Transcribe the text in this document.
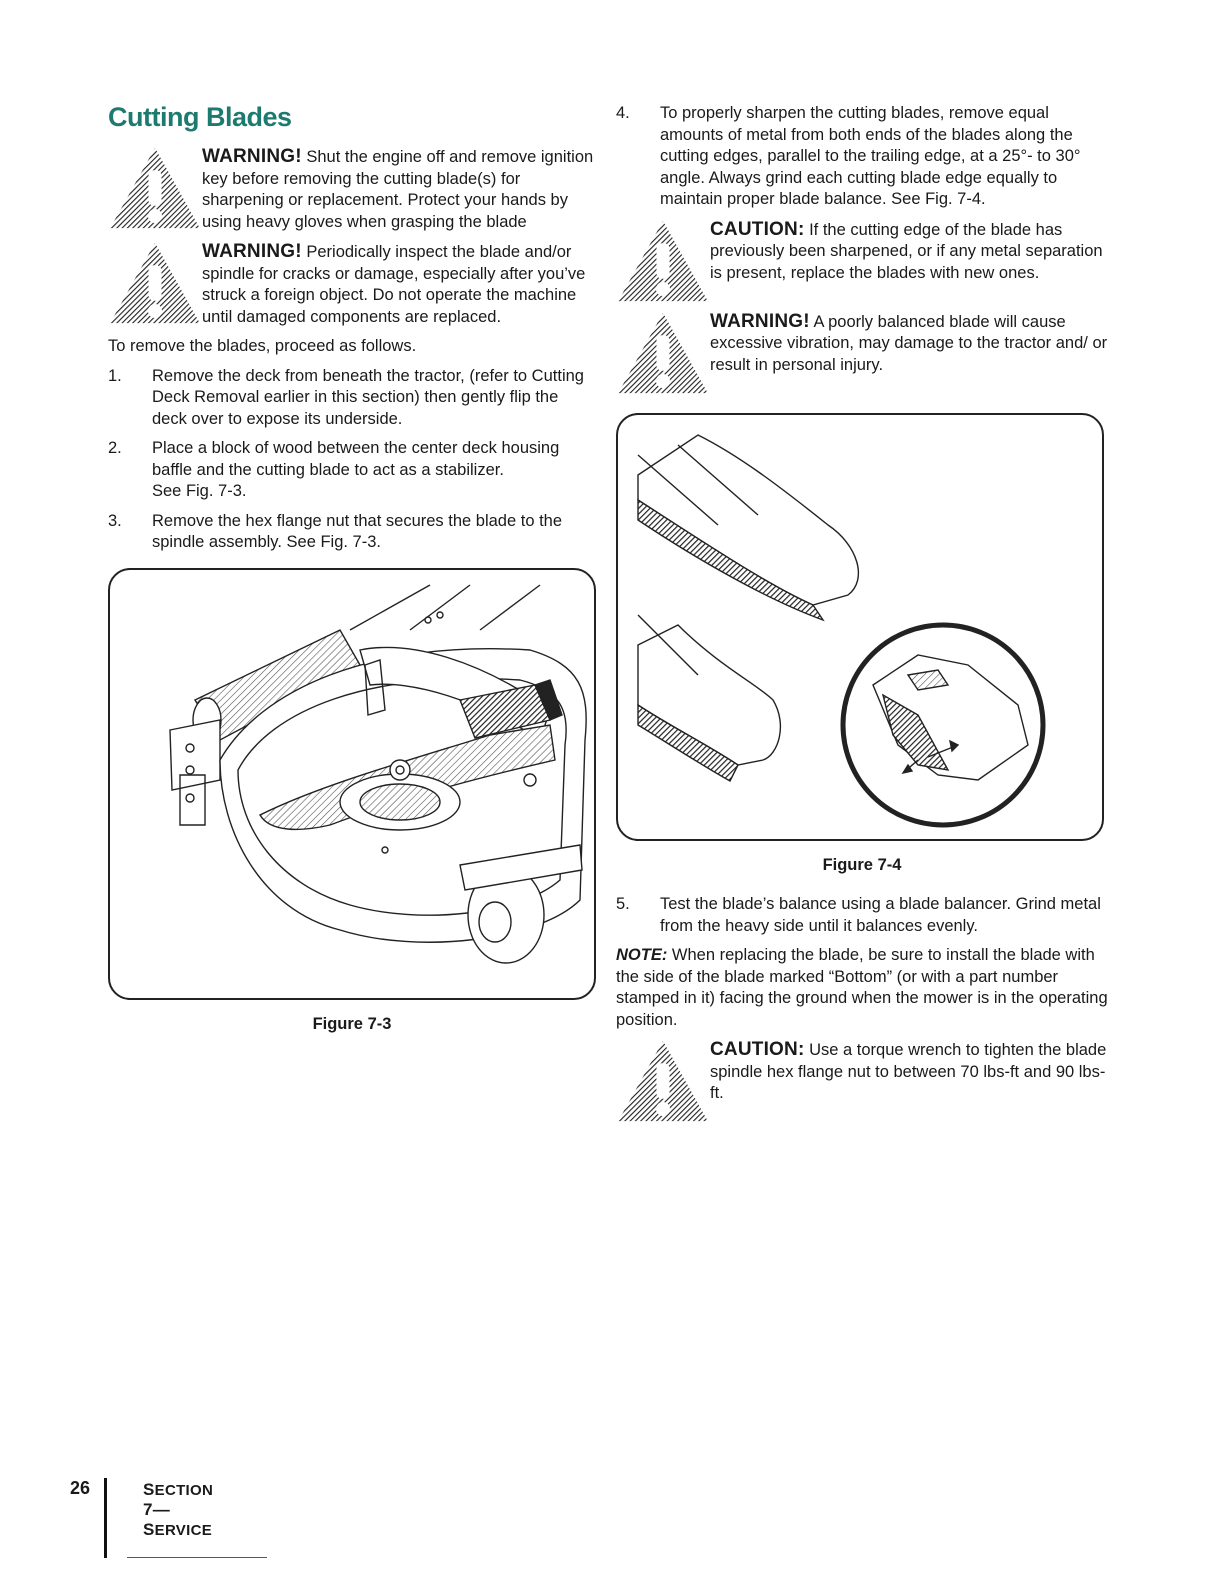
Cutting Blades
WARNING! Shut the engine off and remove ignition key before removing the cutting blade(s) for sharpening or replacement. Protect your hands by using heavy gloves when grasping the blade
WARNING! Periodically inspect the blade and/or spindle for cracks or damage, especially after you’ve struck a foreign object. Do not operate the machine until damaged components are replaced.

To remove the blades, proceed as follows.

1.	Remove the deck from beneath the tractor, (refer to Cutting Deck Removal earlier in this section) then gently flip the deck over to expose its underside.
2.	Place a block of wood between the center deck housing baffle and the cutting blade to act as a stabilizer.
See Fig. 7-3.
3.	Remove the hex flange nut that secures the blade to the spindle assembly. See Fig. 7-3.
Figure 7-3
4.	To properly sharpen the cutting blades, remove equal amounts of metal from both ends of the blades along the cutting edges, parallel to the trailing edge, at a 25°- to 30° angle. Always grind each cutting blade edge equally to maintain proper blade balance. See Fig. 7-4.
CAUTION: If the cutting edge of the blade has previously been sharpened, or if any metal separation is present, replace the blades with new ones.
WARNING! A poorly balanced blade will cause excessive vibration, may damage to the tractor and/ or result in personal injury.
Figure 7-4
5.	Test the blade’s balance using a blade balancer. Grind metal from the heavy side until it balances evenly.

NOTE: When replacing the blade, be sure to install the blade with the side of the blade marked “Bottom” (or with a part number stamped in it) facing the ground when the mower is in the operating position.

CAUTION: Use a torque wrench to tighten the blade spindle hex flange nut to between 70 lbs-ft and 90 lbs-ft.
26	SECTION 7— SERVICE
